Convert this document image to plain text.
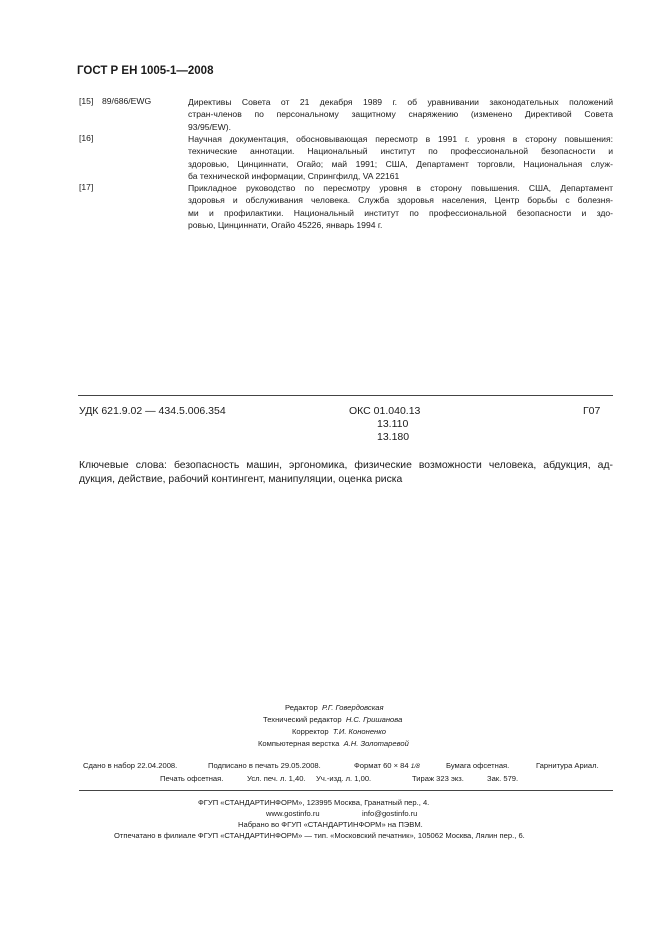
ГОСТ Р ЕН 1005-1—2008
[15] 89/686/EWG	Директивы Совета от 21 декабря 1989 г. об уравнивании законодательных положений
стран-членов по персональному защитному снаряжению (изменено Директивой Совета
93/95/EW).
[16]	Научная документация, обосновывающая пересмотр в 1991 г. уровня в сторону повышения:
технические аннотации. Национальный институт по профессиональной безопасности и
здоровью, Цинциннати, Огайо; май 1991; США, Департамент торговли, Национальная служ-
ба технической информации, Спрингфилд, VA 22161
[17]	Прикладное руководство по пересмотру уровня в сторону повышения. США, Департамент
здоровья и обслуживания человека. Служба здоровья населения, Центр борьбы с болезня-
ми и профилактики. Национальный институт по профессиональной безопасности и здо-
ровью, Цинциннати, Огайо 45226, январь 1994 г.
УДК 621.9.02 — 434.5.006.354	ОКС 01.040.13
13.110
13.180
Г07
Ключевые слова: безопасность машин, эргономика, физические возможности человека, абдукция, ад-
дукция, действие, рабочий контингент, манипуляции, оценка риска
Редактор Р.Г. Говердовская
Технический редактор Н.С. Гришанова
Корректор Т.И. Кононенко
Компьютерная верстка А.Н. Золотаревой
Сдано в набор 22.04.2008.	Подписано в печать 29.05.2008.	Формат 60 × 84 1/8	Бумага офсетная.	Гарнитура Ариал.
Печать офсетная.	Усл. печ. л. 1,40. Уч.-изд. л. 1,00.	Тираж 323 экз.	Зак. 579.
ФГУП «СТАНДАРТИНФОРМ», 123995 Москва, Гранатный пер., 4.
www.gostinfo.ru	info@gostinfo.ru
Набрано во ФГУП «СТАНДАРТИНФОРМ» на ПЭВМ.
Отпечатано в филиале ФГУП «СТАНДАРТИНФОРМ» — тип. «Московский печатник», 105062 Москва, Лялин пер., 6.
